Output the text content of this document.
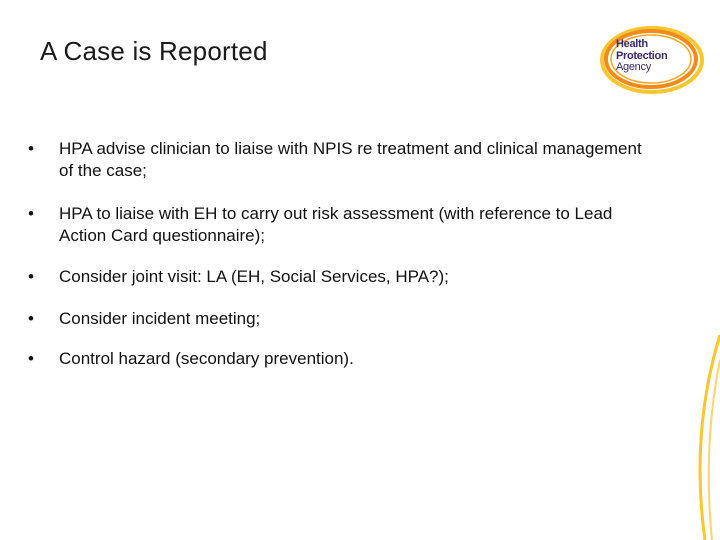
A Case is Reported	Health
Protection
Agency
•	HPA advise clinician to liaise with NPIS re treatment and clinical management of the case;
•	HPA to liaise with EH to carry out risk assessment (with reference to Lead Action Card questionnaire);
•	Consider joint visit: LA (EH, Social Services, HPA?);
•	Consider incident meeting;
•	Control hazard (secondary prevention).
